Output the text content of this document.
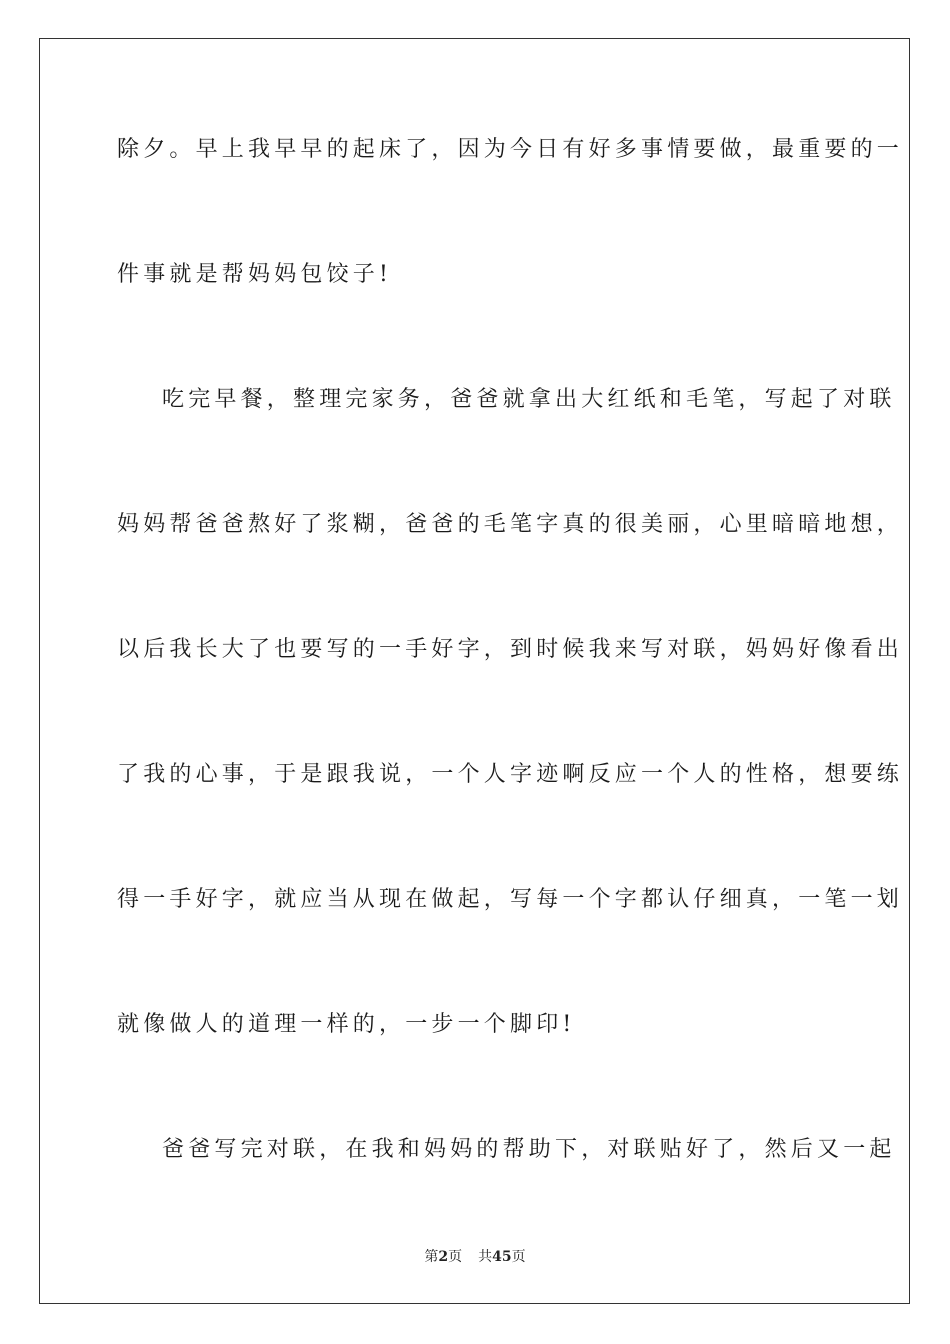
除夕。早上我早早的起床了，因为今日有好多事情要做，最重要的一
件事就是帮妈妈包饺子!
吃完早餐，整理完家务，爸爸就拿出大红纸和毛笔，写起了对联
妈妈帮爸爸熬好了浆糊，爸爸的毛笔字真的很美丽，心里暗暗地想，
以后我长大了也要写的一手好字，到时候我来写对联，妈妈好像看出
了我的心事，于是跟我说，一个人字迹啊反应一个人的性格，想要练
得一手好字，就应当从现在做起，写每一个字都认仔细真，一笔一划
就像做人的道理一样的，一步一个脚印!
爸爸写完对联，在我和妈妈的帮助下，对联贴好了，然后又一起
第2页 共45页
